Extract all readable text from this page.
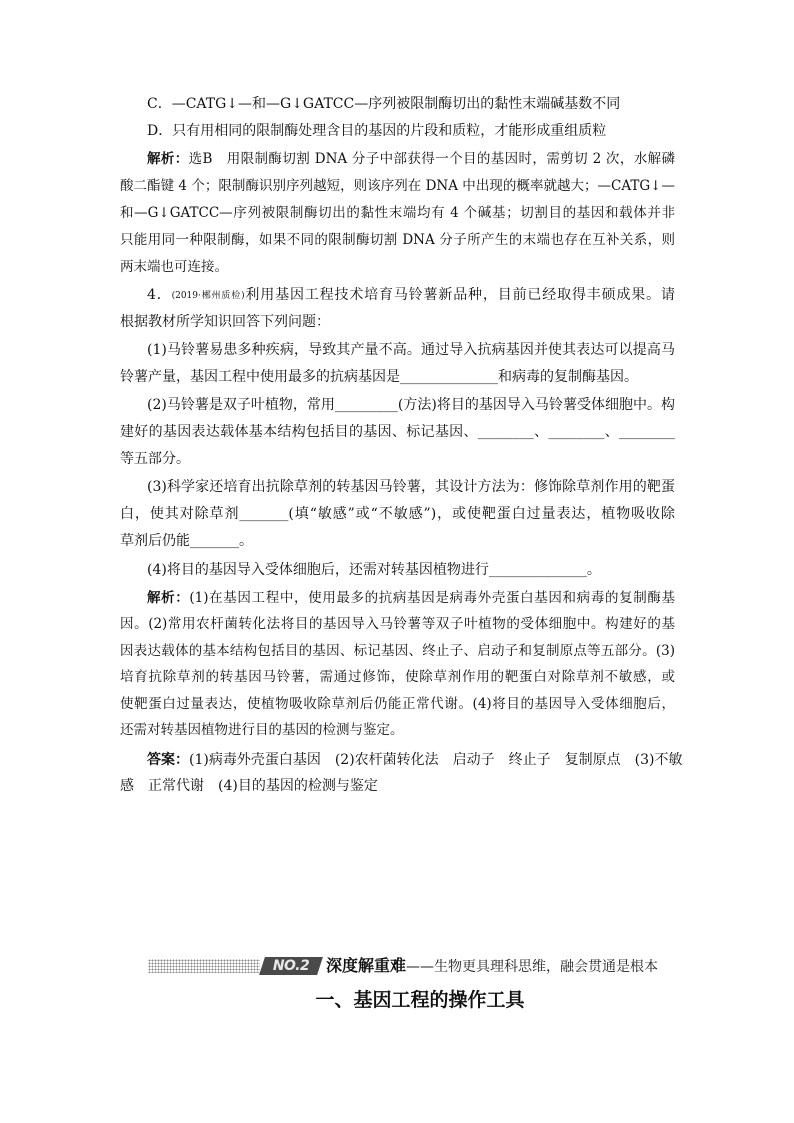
C．—CATG↓—和—G↓GATCC—序列被限制酶切出的黏性末端碱基数不同
D．只有用相同的限制酶处理含目的基因的片段和质粒，才能形成重组质粒
解析：选B　用限制酶切割 DNA 分子中部获得一个目的基因时，需剪切 2 次，水解磷
酸二酯键 4 个；限制酶识别序列越短，则该序列在 DNA 中出现的概率就越大；—CATG↓—
和—G↓GATCC—序列被限制酶切出的黏性末端均有 4 个碱基；切割目的基因和载体并非
只能用同一种限制酶，如果不同的限制酶切割 DNA 分子所产生的末端也存在互补关系，则
两末端也可连接。
4．(2019·郴州质检)利用基因工程技术培育马铃薯新品种，目前已经取得丰硕成果。请
根据教材所学知识回答下列问题：
(1)马铃薯易患多种疾病，导致其产量不高。通过导入抗病基因并使其表达可以提高马
铃薯产量，基因工程中使用最多的抗病基因是______________和病毒的复制酶基因。
(2)马铃薯是双子叶植物，常用_________(方法)将目的基因导入马铃薯受体细胞中。构
建好的基因表达载体基本结构包括目的基因、标记基因、________、________、________
等五部分。
(3)科学家还培育出抗除草剂的转基因马铃薯，其设计方法为：修饰除草剂作用的靶蛋
白，使其对除草剂_______(填“敏感”或“不敏感”)，或使靶蛋白过量表达，植物吸收除
草剂后仍能_______。
(4)将目的基因导入受体细胞后，还需对转基因植物进行______________。
解析：(1)在基因工程中，使用最多的抗病基因是病毒外壳蛋白基因和病毒的复制酶基
因。(2)常用农杆菌转化法将目的基因导入马铃薯等双子叶植物的受体细胞中。构建好的基
因表达载体的基本结构包括目的基因、标记基因、终止子、启动子和复制原点等五部分。(3)
培育抗除草剂的转基因马铃薯，需通过修饰，使除草剂作用的靶蛋白对除草剂不敏感，或
使靶蛋白过量表达，使植物吸收除草剂后仍能正常代谢。(4)将目的基因导入受体细胞后，
还需对转基因植物进行目的基因的检测与鉴定。
答案：(1)病毒外壳蛋白基因　(2)农杆菌转化法　启动子　终止子　复制原点　(3)不敏
感　正常代谢　(4)目的基因的检测与鉴定
NO.2	深度解重难——生物更具理科思维，融会贯通是根本
一、基因工程的操作工具
